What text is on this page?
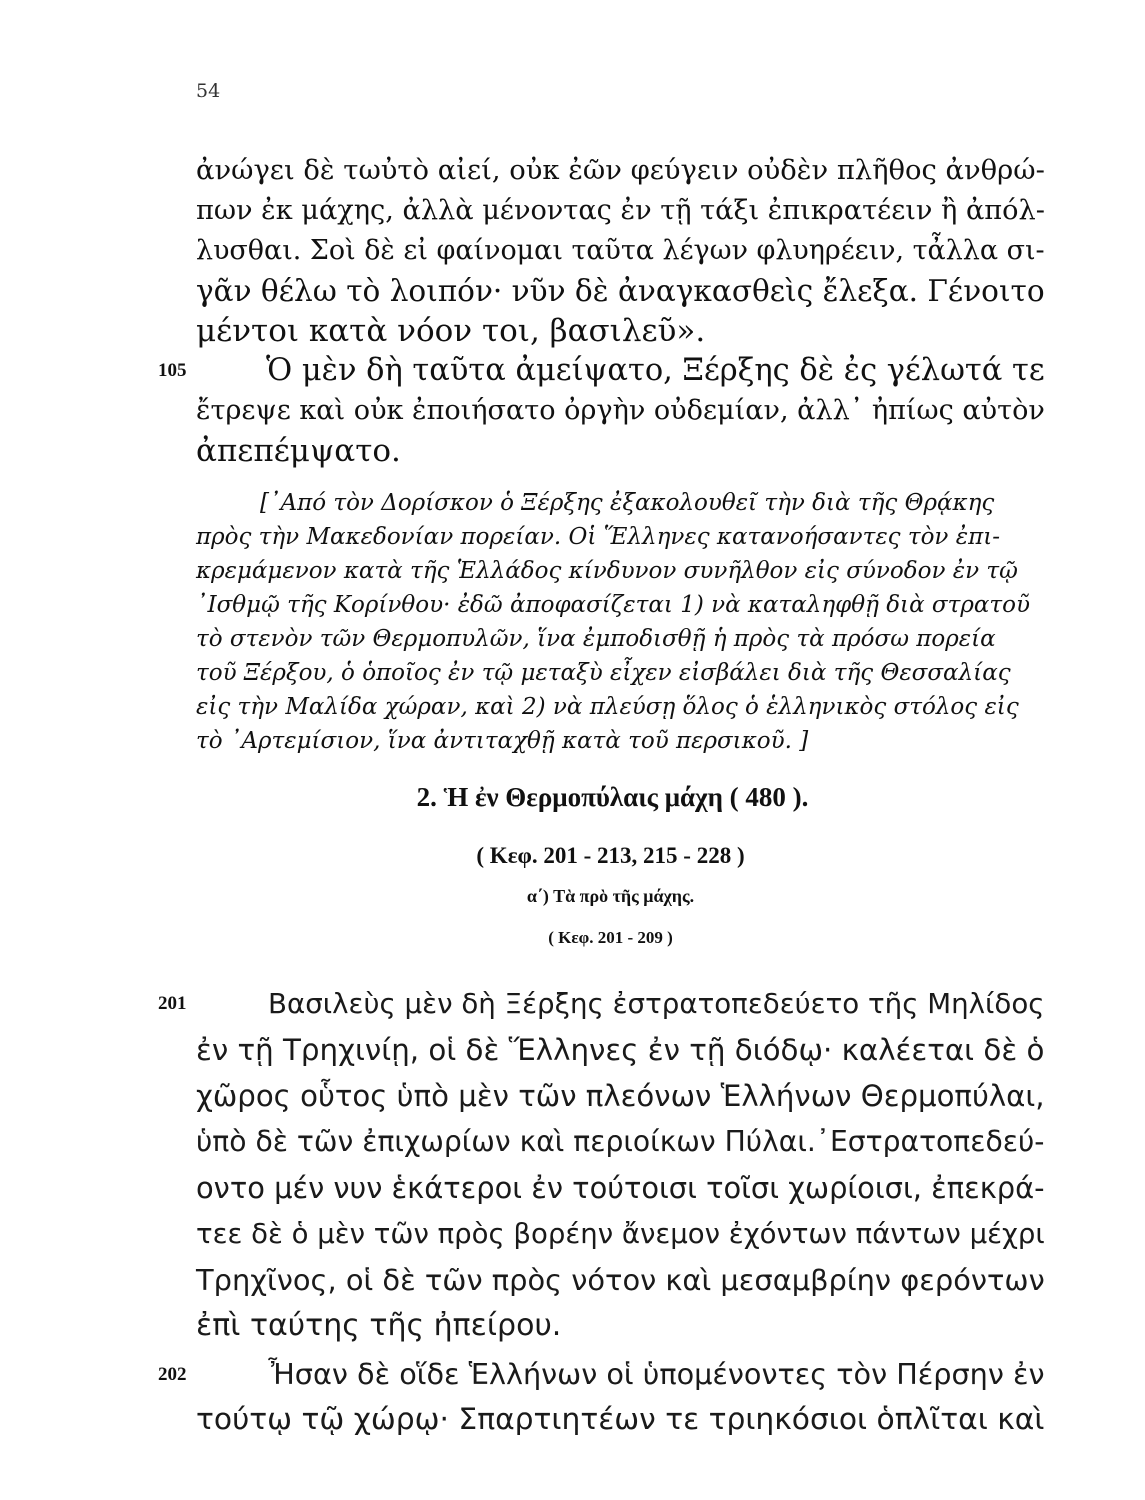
54
ἀνώγει δὲ τωὐτὸ αἰεί, οὐκ ἐῶν φεύγειν οὐδὲν πλῆθος ἀνθρώ-
πων ἐκ μάχης, ἀλλὰ μένοντας ἐν τῇ τάξι ἐπικρατέειν ἢ ἀπόλ-
λυσθαι. Σοὶ δὲ εἰ φαίνομαι ταῦτα λέγων φλυηρέειν, τἆλλα σι-
γᾶν θέλω τὸ λοιπόν· νῦν δὲ ἀναγκασθεὶς ἔλεξα. Γένοιτο
μέντοι κατὰ νόον τοι, βασιλεῦ».
105	Ὁ μὲν δὴ ταῦτα ἀμείψατο, Ξέρξης δὲ ἐς γέλωτά τε
ἔτρεψε καὶ οὐκ ἐποιήσατο ὀργὴν οὐδεμίαν, ἀλλ᾽ ἠπίως αὐτὸν
ἀπεπέμψατο.
[᾽Από τὸν Δορίσκον ὁ Ξέρξης ἐξακολουθεῖ τὴν διὰ τῆς Θρᾴκης
πρὸς τὴν Μακεδονίαν πορείαν. Οἱ Ἕλληνες κατανοήσαντες τὸν ἐπι-
κρεμάμενον κατὰ τῆς Ἑλλάδος κίνδυνον συνῆλθον εἰς σύνοδον ἐν τῷ
᾽Ισθμῷ τῆς Κορίνθου· ἐδῶ ἀποφασίζεται 1) νὰ καταληφθῇ διὰ στρατοῦ
τὸ στενὸν τῶν Θερμοπυλῶν, ἵνα ἐμποδισθῇ ἡ πρὸς τὰ πρόσω πορεία
τοῦ Ξέρξου, ὁ ὁποῖος ἐν τῷ μεταξὺ εἶχεν εἰσβάλει διὰ τῆς Θεσσαλίας
εἰς τὴν Μαλίδα χώραν, καὶ 2) νὰ πλεύσῃ ὅλος ὁ ἑλληνικὸς στόλος εἰς
τὸ ᾽Αρτεμίσιον, ἵνα ἀντιταχθῇ κατὰ τοῦ περσικοῦ. ]
2. Ἡ ἐν Θερμοπύλαις μάχη ( 480 ).
( Κεφ. 201 - 213, 215 - 228 )
α΄) Τὰ πρὸ τῆς μάχης.
( Κεφ. 201 - 209 )
201	Βασιλεὺς μὲν δὴ Ξέρξης ἐστρατοπεδεύετο τῆς Μηλίδος
ἐν τῇ Τρηχινίῃ, οἱ δὲ Ἕλληνες ἐν τῇ διόδῳ· καλέεται δὲ ὁ
χῶρος οὗτος ὑπὸ μὲν τῶν πλεόνων Ἑλλήνων Θερμοπύλαι,
ὑπὸ δὲ τῶν ἐπιχωρίων καὶ περιοίκων Πύλαι.᾽Εστρατοπεδεύ-
οντο μέν νυν ἑκάτεροι ἐν τούτοισι τοῖσι χωρίοισι, ἐπεκρά-
τεε δὲ ὁ μὲν τῶν πρὸς βορέην ἄνεμον ἐχόντων πάντων μέχρι
Τρηχῖνος, οἱ δὲ τῶν πρὸς νότον καὶ μεσαμβρίην φερόντων
ἐπὶ ταύτης τῆς ἠπείρου.
202	Ἦσαν δὲ οἵδε Ἑλλήνων οἱ ὑπομένοντες τὸν Πέρσην ἐν
τούτῳ τῷ χώρῳ· Σπαρτιητέων τε τριηκόσιοι ὁπλῖται καὶ
